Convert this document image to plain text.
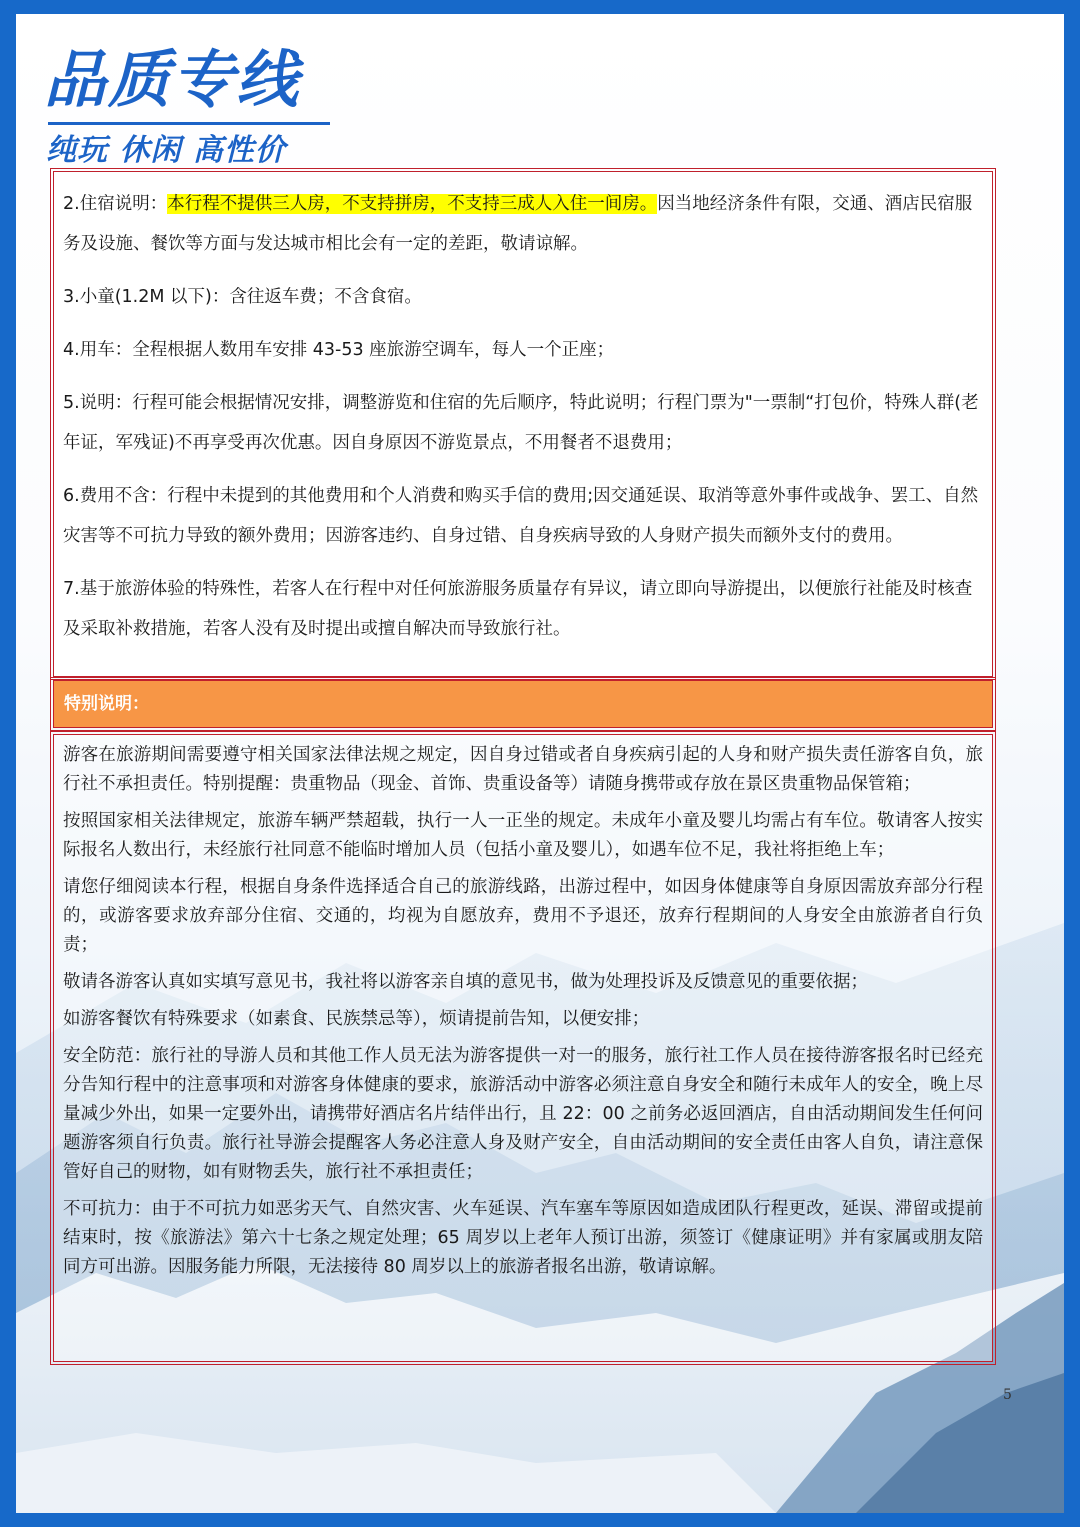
品质专线

纯玩 休闲 高性价

2.住宿说明：本行程不提供三人房，不支持拼房，不支持三成人入住一间房。因当地经济条件有限，交通、酒店民宿服务及设施、餐饮等方面与发达城市相比会有一定的差距，敬请谅解。

3.小童(1.2M 以下)：含往返车费；不含食宿。

4.用车：全程根据人数用车安排 43-53 座旅游空调车，每人一个正座；

5.说明：行程可能会根据情况安排，调整游览和住宿的先后顺序，特此说明；行程门票为"一票制“打包价，特殊人群(老年证，军残证)不再享受再次优惠。因自身原因不游览景点，不用餐者不退费用；

6.费用不含：行程中未提到的其他费用和个人消费和购买手信的费用;因交通延误、取消等意外事件或战争、罢工、自然灾害等不可抗力导致的额外费用；因游客违约、自身过错、自身疾病导致的人身财产损失而额外支付的费用。

7.基于旅游体验的特殊性，若客人在行程中对任何旅游服务质量存有异议，请立即向导游提出，以便旅行社能及时核查及采取补救措施，若客人没有及时提出或擅自解决而导致旅行社。

特别说明：

游客在旅游期间需要遵守相关国家法律法规之规定，因自身过错或者自身疾病引起的人身和财产损失责任游客自负，旅行社不承担责任。特别提醒：贵重物品（现金、首饰、贵重设备等）请随身携带或存放在景区贵重物品保管箱；

按照国家相关法律规定，旅游车辆严禁超载，执行一人一正坐的规定。未成年小童及婴儿均需占有车位。敬请客人按实际报名人数出行，未经旅行社同意不能临时增加人员（包括小童及婴儿），如遇车位不足，我社将拒绝上车；

请您仔细阅读本行程，根据自身条件选择适合自己的旅游线路，出游过程中，如因身体健康等自身原因需放弃部分行程的，或游客要求放弃部分住宿、交通的，均视为自愿放弃，费用不予退还，放弃行程期间的人身安全由旅游者自行负责；

敬请各游客认真如实填写意见书，我社将以游客亲自填的意见书，做为处理投诉及反馈意见的重要依据；

如游客餐饮有特殊要求（如素食、民族禁忌等），烦请提前告知，以便安排；

安全防范：旅行社的导游人员和其他工作人员无法为游客提供一对一的服务，旅行社工作人员在接待游客报名时已经充分告知行程中的注意事项和对游客身体健康的要求，旅游活动中游客必须注意自身安全和随行未成年人的安全，晚上尽量减少外出，如果一定要外出，请携带好酒店名片结伴出行，且 22：00 之前务必返回酒店，自由活动期间发生任何问题游客须自行负责。旅行社导游会提醒客人务必注意人身及财产安全，自由活动期间的安全责任由客人自负，请注意保管好自己的财物，如有财物丢失，旅行社不承担责任；

不可抗力：由于不可抗力如恶劣天气、自然灾害、火车延误、汽车塞车等原因如造成团队行程更改，延误、滞留或提前结束时，按《旅游法》第六十七条之规定处理；65 周岁以上老年人预订出游，须签订《健康证明》并有家属或朋友陪同方可出游。因服务能力所限，无法接待 80 周岁以上的旅游者报名出游，敬请谅解。

5
